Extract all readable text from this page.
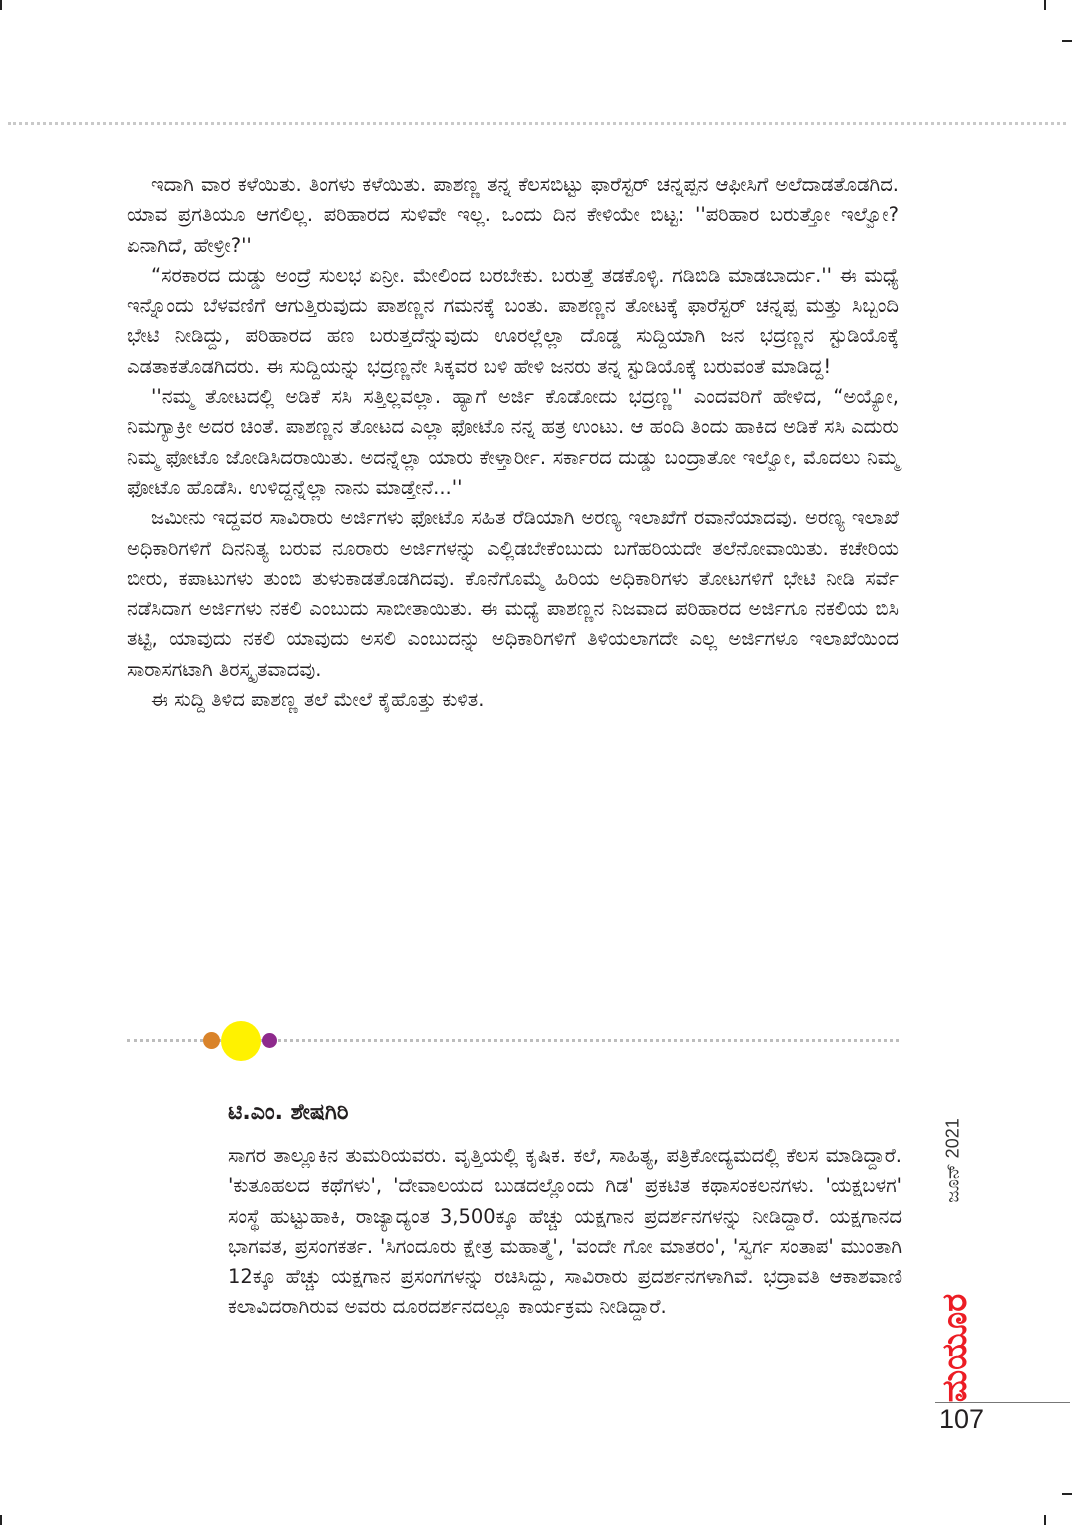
ಇದಾಗಿ ವಾರ ಕಳೆಯಿತು. ತಿಂಗಳು ಕಳೆಯಿತು. ಪಾಶಣ್ಣ ತನ್ನ ಕೆಲಸಬಿಟ್ಟು ಫಾರೆಸ್ಟರ್ ಚನ್ನಪ್ಪನ ಆಫೀಸಿಗೆ ಅಲೆದಾಡತೊಡಗಿದ. ಯಾವ ಪ್ರಗತಿಯೂ ಆಗಲಿಲ್ಲ. ಪರಿಹಾರದ ಸುಳಿವೇ ಇಲ್ಲ. ಒಂದು ದಿನ ಕೇಳಿಯೇ ಬಿಟ್ಟ: ''ಪರಿಹಾರ ಬರುತ್ತೋ ಇಲ್ವೋ? ಏನಾಗಿದೆ, ಹೇಳ್ರೀ?''

“ಸರಕಾರದ ದುಡ್ಡು ಅಂದ್ರೆ ಸುಲಭ ಏನ್ರೀ. ಮೇಲಿಂದ ಬರಬೇಕು. ಬರುತ್ತೆ ತಡಕೊಳ್ಳಿ. ಗಡಿಬಿಡಿ ಮಾಡಬಾರ್ದು.'' ಈ ಮಧ್ಯೆ ಇನ್ನೊಂದು ಬೆಳವಣಿಗೆ ಆಗುತ್ತಿರುವುದು ಪಾಶಣ್ಣನ ಗಮನಕ್ಕೆ ಬಂತು. ಪಾಶಣ್ಣನ ತೋಟಕ್ಕೆ ಫಾರೆಸ್ಟರ್ ಚನ್ನಪ್ಪ ಮತ್ತು ಸಿಬ್ಬಂದಿ ಭೇಟಿ ನೀಡಿದ್ದು, ಪರಿಹಾರದ ಹಣ ಬರುತ್ತದೆನ್ನುವುದು ಊರಲ್ಲೆಲ್ಲಾ ದೊಡ್ಡ ಸುದ್ದಿಯಾಗಿ ಜನ ಭದ್ರಣ್ಣನ ಸ್ಟುಡಿಯೊಕ್ಕೆ ಎಡತಾಕತೊಡಗಿದರು. ಈ ಸುದ್ದಿಯನ್ನು ಭದ್ರಣ್ಣನೇ ಸಿಕ್ಕವರ ಬಳಿ ಹೇಳಿ ಜನರು ತನ್ನ ಸ್ಟುಡಿಯೊಕ್ಕೆ ಬರುವಂತೆ ಮಾಡಿದ್ದ!

''ನಮ್ಮ ತೋಟದಲ್ಲಿ ಅಡಿಕೆ ಸಸಿ ಸತ್ತಿಲ್ಲವಲ್ಲಾ. ಹ್ಯಾಗೆ ಅರ್ಜಿ ಕೊಡೋದು ಭದ್ರಣ್ಣ'' ಎಂದವರಿಗೆ ಹೇಳಿದ, “ಅಯ್ಯೋ, ನಿಮಗ್ಯಾಕ್ರೀ ಅದರ ಚಿಂತೆ. ಪಾಶಣ್ಣನ ತೋಟದ ಎಲ್ಲಾ ಫೋಟೊ ನನ್ನ ಹತ್ರ ಉಂಟು. ಆ ಹಂದಿ ತಿಂದು ಹಾಕಿದ ಅಡಿಕೆ ಸಸಿ ಎದುರು ನಿಮ್ಮ ಫೋಟೊ ಜೋಡಿಸಿದರಾಯಿತು. ಅದನ್ನೆಲ್ಲಾ ಯಾರು ಕೇಳ್ತಾರ್ರೀ. ಸರ್ಕಾರದ ದುಡ್ಡು ಬಂದ್ರಾತೋ ಇಲ್ವೋ, ಮೊದಲು ನಿಮ್ಮ ಫೋಟೊ ಹೊಡೆಸಿ. ಉಳಿದ್ದನ್ನೆಲ್ಲಾ ನಾನು ಮಾಡ್ತೇನೆ...''

ಜಮೀನು ಇದ್ದವರ ಸಾವಿರಾರು ಅರ್ಜಿಗಳು ಫೋಟೊ ಸಹಿತ ರೆಡಿಯಾಗಿ ಅರಣ್ಯ ಇಲಾಖೆಗೆ ರವಾನೆಯಾದವು. ಅರಣ್ಯ ಇಲಾಖೆ ಅಧಿಕಾರಿಗಳಿಗೆ ದಿನನಿತ್ಯ ಬರುವ ನೂರಾರು ಅರ್ಜಿಗಳನ್ನು ಎಲ್ಲಿಡಬೇಕೆಂಬುದು ಬಗೆಹರಿಯದೇ ತಲೆನೋವಾಯಿತು. ಕಚೇರಿಯ ಬೀರು, ಕಪಾಟುಗಳು ತುಂಬಿ ತುಳುಕಾಡತೊಡಗಿದವು. ಕೊನೆಗೊಮ್ಮೆ ಹಿರಿಯ ಅಧಿಕಾರಿಗಳು ತೋಟಗಳಿಗೆ ಭೇಟಿ ನೀಡಿ ಸರ್ವೆ ನಡೆಸಿದಾಗ ಅರ್ಜಿಗಳು ನಕಲಿ ಎಂಬುದು ಸಾಬೀತಾಯಿತು. ಈ ಮಧ್ಯೆ ಪಾಶಣ್ಣನ ನಿಜವಾದ ಪರಿಹಾರದ ಅರ್ಜಿಗೂ ನಕಲಿಯ ಬಿಸಿ ತಟ್ಟಿ, ಯಾವುದು ನಕಲಿ ಯಾವುದು ಅಸಲಿ ಎಂಬುದನ್ನು ಅಧಿಕಾರಿಗಳಿಗೆ ತಿಳಿಯಲಾಗದೇ ಎಲ್ಲ ಅರ್ಜಿಗಳೂ ಇಲಾಖೆಯಿಂದ ಸಾರಾಸಗಟಾಗಿ ತಿರಸ್ಕೃತವಾದವು.

ಈ ಸುದ್ದಿ ತಿಳಿದ ಪಾಶಣ್ಣ ತಲೆ ಮೇಲೆ ಕೈಹೊತ್ತು ಕುಳಿತ.

ಟಿ.ಎಂ. ಶೇಷಗಿರಿ
ಸಾಗರ ತಾಲ್ಲೂಕಿನ ತುಮರಿಯವರು. ವೃತ್ತಿಯಲ್ಲಿ ಕೃಷಿಕ. ಕಲೆ, ಸಾಹಿತ್ಯ, ಪತ್ರಿಕೋದ್ಯಮದಲ್ಲಿ ಕೆಲಸ ಮಾಡಿದ್ದಾರೆ. 'ಕುತೂಹಲದ ಕಥೆಗಳು', 'ದೇವಾಲಯದ ಬುಡದಲ್ಲೊಂದು ಗಿಡ' ಪ್ರಕಟಿತ ಕಥಾಸಂಕಲನಗಳು. 'ಯಕ್ಷಬಳಗ' ಸಂಸ್ಥೆ ಹುಟ್ಟುಹಾಕಿ, ರಾಜ್ಯಾದ್ಯಂತ 3,500ಕ್ಕೂ ಹೆಚ್ಚು ಯಕ್ಷಗಾನ ಪ್ರದರ್ಶನಗಳನ್ನು ನೀಡಿದ್ದಾರೆ. ಯಕ್ಷಗಾನದ ಭಾಗವತ, ಪ್ರಸಂಗಕರ್ತ. 'ಸಿಗಂದೂರು ಕ್ಷೇತ್ರ ಮಹಾತ್ಮೆ', 'ವಂದೇ ಗೋ ಮಾತರಂ', 'ಸ್ವರ್ಗ ಸಂತಾಪ' ಮುಂತಾಗಿ 12ಕ್ಕೂ ಹೆಚ್ಚು ಯಕ್ಷಗಾನ ಪ್ರಸಂಗಗಳನ್ನು ರಚಿಸಿದ್ದು, ಸಾವಿರಾರು ಪ್ರದರ್ಶನಗಳಾಗಿವೆ. ಭದ್ರಾವತಿ ಆಕಾಶವಾಣಿ ಕಲಾವಿದರಾಗಿರುವ ಅವರು ದೂರದರ್ಶನದಲ್ಲೂ ಕಾರ್ಯಕ್ರಮ ನೀಡಿದ್ದಾರೆ.
ಜೂನ್ 2021
ಮಯೂರ
107
